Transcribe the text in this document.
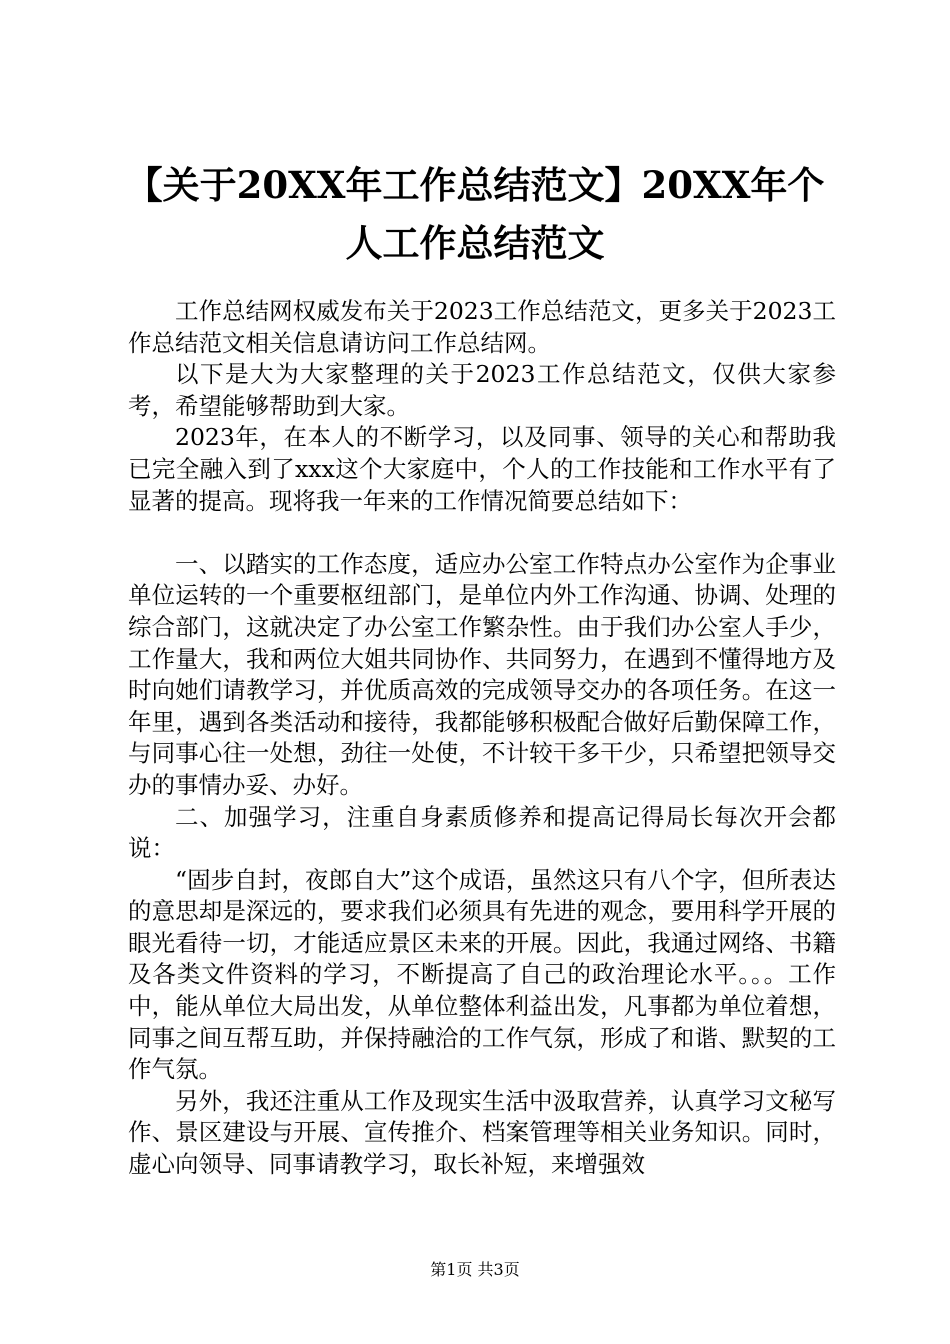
【关于20XX年工作总结范文】20XX年个人工作总结范文

工作总结网权威发布关于2023工作总结范文，更多关于2023工作总结范文相关信息请访问工作总结网。

以下是大为大家整理的关于2023工作总结范文，仅供大家参考，希望能够帮助到大家。

2023年，在本人的不断学习，以及同事、领导的关心和帮助我已完全融入到了xxx这个大家庭中，个人的工作技能和工作水平有了显著的提高。现将我一年来的工作情况简要总结如下：

一、以踏实的工作态度，适应办公室工作特点办公室作为企事业单位运转的一个重要枢纽部门，是单位内外工作沟通、协调、处理的综合部门，这就决定了办公室工作繁杂性。由于我们办公室人手少，工作量大，我和两位大姐共同协作、共同努力，在遇到不懂得地方及时向她们请教学习，并优质高效的完成领导交办的各项任务。在这一年里，遇到各类活动和接待，我都能够积极配合做好后勤保障工作，与同事心往一处想，劲往一处使，不计较干多干少，只希望把领导交办的事情办妥、办好。

二、加强学习，注重自身素质修养和提高记得局长每次开会都说：

“固步自封，夜郎自大”这个成语，虽然这只有八个字，但所表达的意思却是深远的，要求我们必须具有先进的观念，要用科学开展的眼光看待一切，才能适应景区未来的开展。因此，我通过网络、书籍及各类文件资料的学习，不断提高了自己的政治理论水平。。。工作中，能从单位大局出发，从单位整体利益出发，凡事都为单位着想，同事之间互帮互助，并保持融洽的工作气氛，形成了和谐、默契的工作气氛。

另外，我还注重从工作及现实生活中汲取营养，认真学习文秘写作、景区建设与开展、宣传推介、档案管理等相关业务知识。同时，虚心向领导、同事请教学习，取长补短，来增强效

第1页 共3页
